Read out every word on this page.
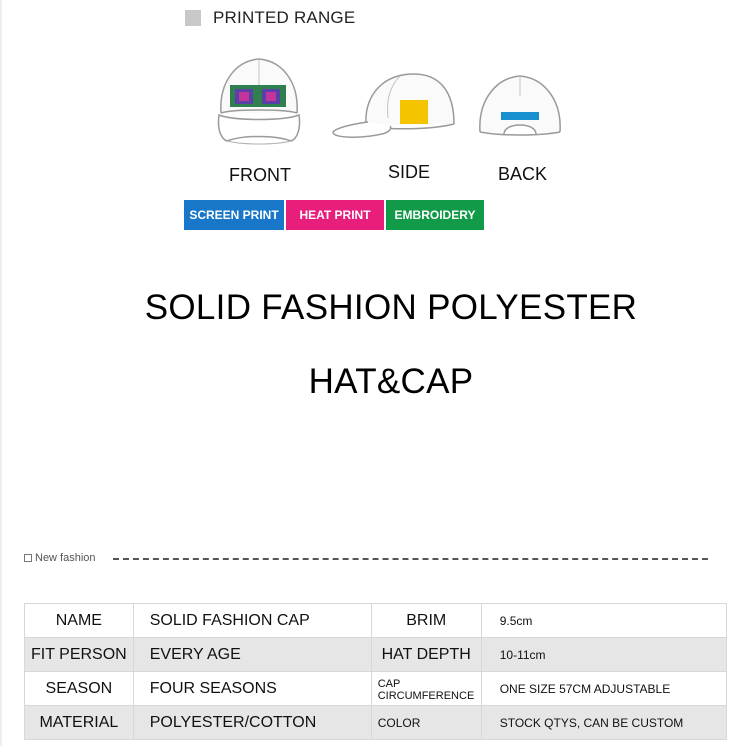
PRINTED RANGE
FRONT	SIDE	BACK
SCREEN PRINT	HEAT PRINT	EMBROIDERY
SOLID FASHION POLYESTER
HAT&CAP
New fashion
NAME	SOLID FASHION CAP	BRIM	9.5cm
FIT PERSON	EVERY AGE	HAT DEPTH	10-11cm
SEASON	FOUR SEASONS	CAP CIRCUMFERENCE	ONE SIZE 57CM ADJUSTABLE
MATERIAL	POLYESTER/COTTON	COLOR	STOCK QTYS, CAN BE CUSTOM
